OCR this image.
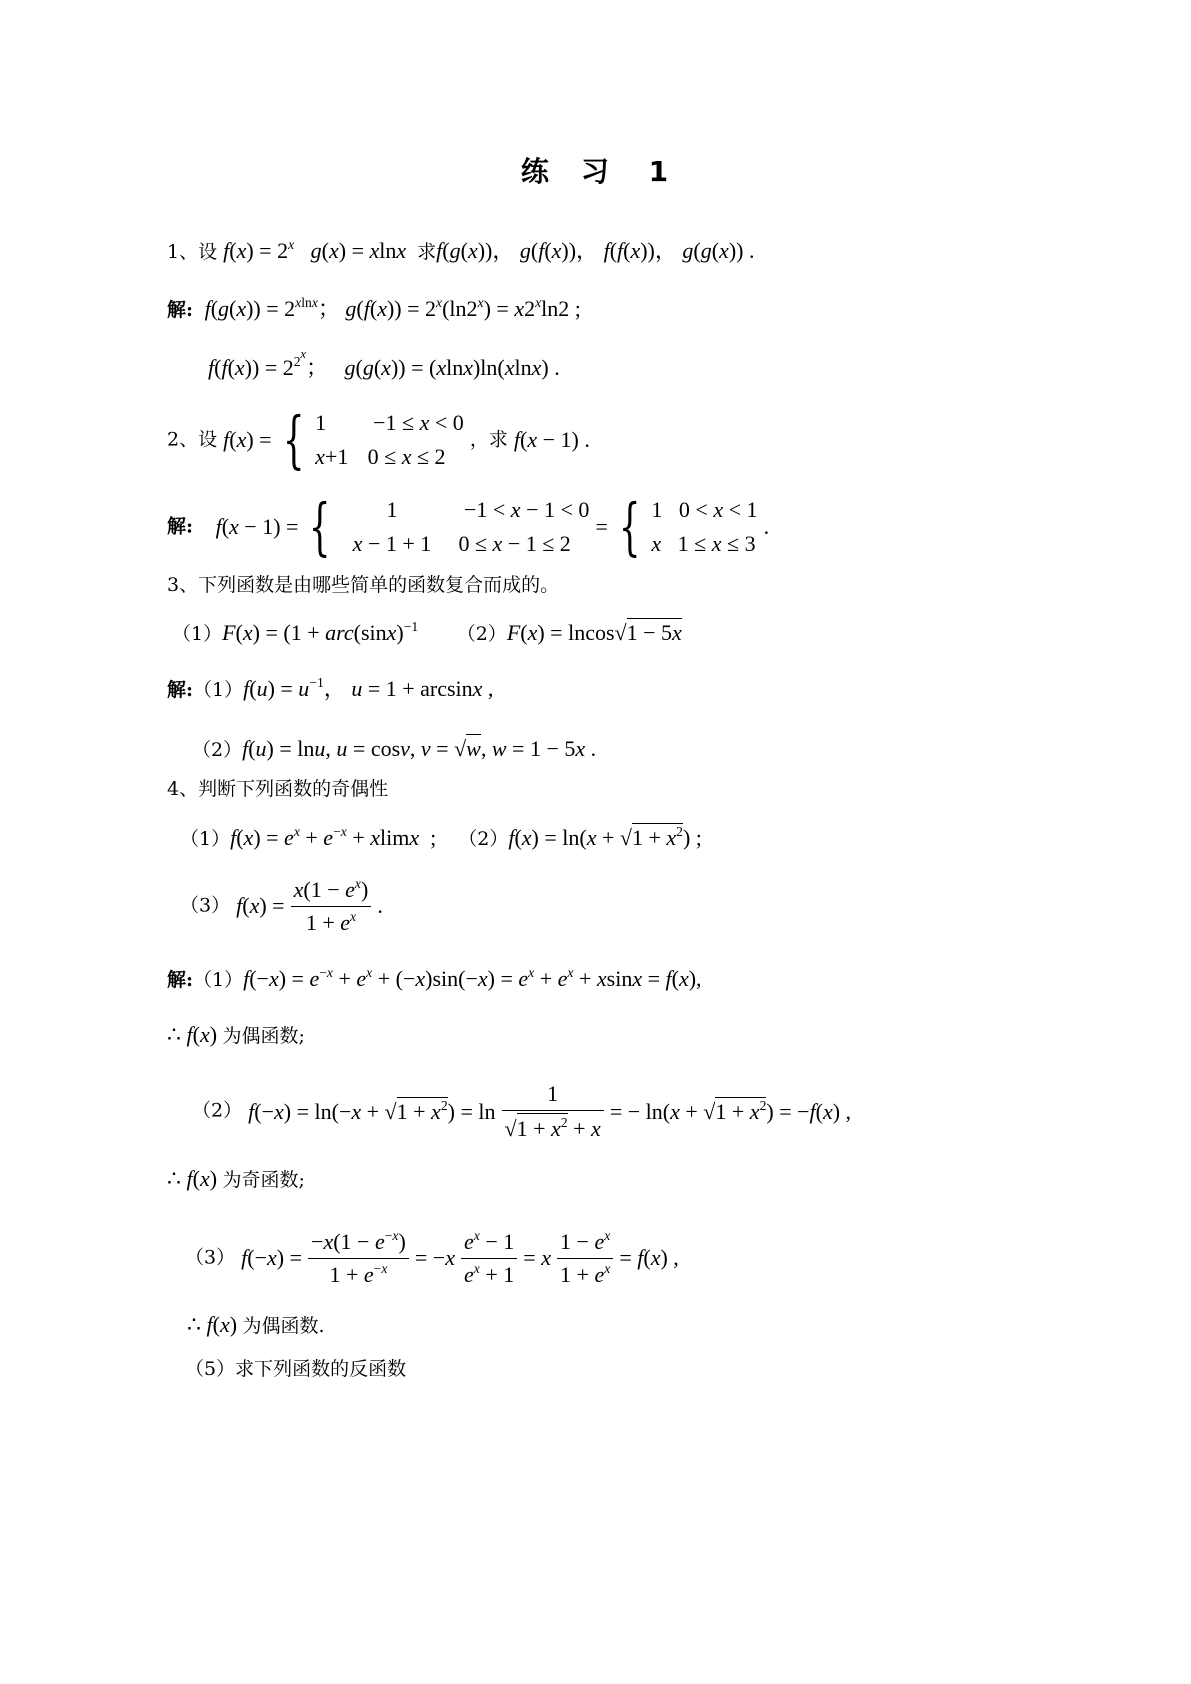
练　习 1
1、设 $f(x) = 2^x$ g(x) = xlnx 求f(g(x))， g(f(x))， f(f(x))， g(g(x)) .
解: $f(g(x)) = 2^{xlnx}$； $g(f(x)) = 2^x(\ln 2^x) = x2^x\ln 2$ ;
$f(f(x)) = 2^{2^x}$；   g(g(x)) = (xlnx)ln(xlnx) .
2、设 f(x) = { 1    −1 ≤ x < 0
x+1   0 ≤ x ≤ 2
，求 f(x − 1) .
解: f(x − 1) = {	1    −1 < x − 1 < 0
x − 1 + 1   0 ≤ x − 1 ≤ 2
= { 1   0 < x < 1
x   1 ≤ x ≤ 3
.
3、下列函数是由哪些简单的函数复合而成的。
$(1)F(x) = (1 + arc(\sin x)^{-1}$ （2）F(x) = lncos√1 − 5x
解:（1）f(u) = $u^{-1}$， u = 1 + arcsinx ,
（2）f(u) = lnu, u = cosv, v = √w, w = 1 − 5x .
4、判断下列函数的奇偶性
$(1)f(x) = e^x + e^{-x} + xlimx$  ;    $(2)f(x) = \ln(x + √1 + x^2)$ ;
（3） $f(x) = \frac{x(1 - e^x)}{1 + e^x}$ .
解:（1）f(−x) = $e^{-x} + e^x + (-x)\sin(-x) = e^x + e^x + xsinx = f(x)$,
∴ f(x) 为偶函数;
（2） $f(-x) = \ln(-x + √1 + x^2) = \ln \frac{1}{√1 + x^2 + x}$ = − $\ln(x + √1 + x^2) = -f(x)$ ,
∴ f(x) 为奇函数;
（3） $f(-x) = \frac{-x(1 - e^{-x})}{1 + e^{-x}} = -x \frac{e^x - 1}{e^x + 1} = x \frac{1 - e^x}{1 + e^x} = f(x)$ ,
∴ f(x) 为偶函数.
（5）求下列函数的反函数
